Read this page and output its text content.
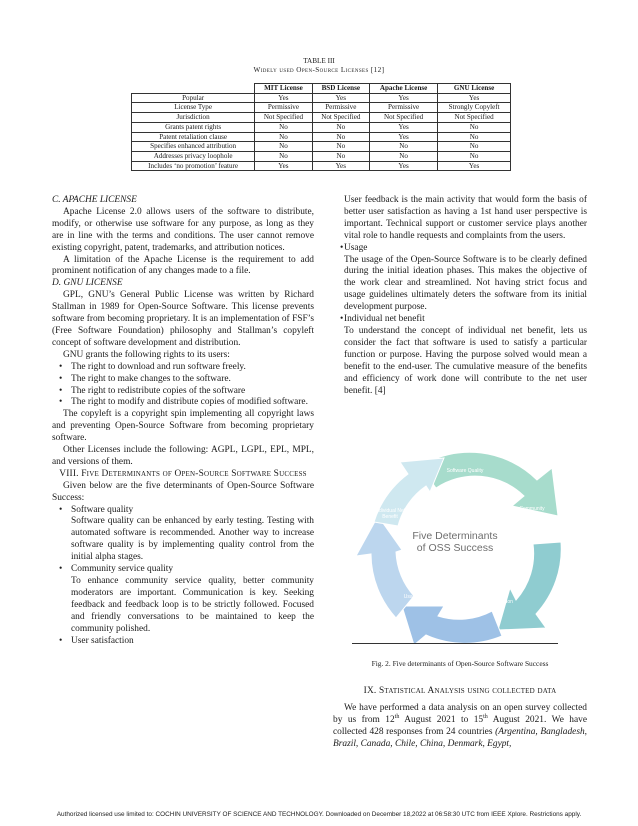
TABLE III
Widely used Open-Source Licenses [12]
	MIT License	BSD License	Apache License	GNU License
Popular	Yes	Yes	Yes	Yes
License Type	Permissive	Permissive	Permissive	Strongly Copyleft
Jurisdiction	Not Specified	Not Specified	Not Specified	Not Specified
Grants patent rights	No	No	Yes	No
Patent retaliation clause	No	No	Yes	No
Specifies enhanced attribution	No	No	No	No
Addresses privacy loophole	No	No	No	No
Includes ‘no promotion’ feature	Yes	Yes	Yes	Yes

C. APACHE LICENSE

Apache License 2.0 allows users of the software to distribute, modify, or otherwise use software for any purpose, as long as they are in line with the terms and conditions. The user cannot remove existing copyright, patent, trademarks, and attribution notices.

A limitation of the Apache License is the requirement to add prominent notification of any changes made to a file.

D. GNU LICENSE

GPL, GNU’s General Public License was written by Richard Stallman in 1989 for Open-Source Software. This license prevents software from becoming proprietary. It is an implementation of FSF’s (Free Software Foundation) philosophy and Stallman’s copyleft concept of software development and distribution.

GNU grants the following rights to its users:

• The right to download and run software freely.
• The right to make changes to the software.
• The right to redistribute copies of the software
• The right to modify and distribute copies of modified software.

The copyleft is a copyright spin implementing all copyright laws and preventing Open-Source Software from becoming proprietary software.

Other Licenses include the following: AGPL, LGPL, EPL, MPL, and versions of them.

VIII. Five Determinants of Open-Source Software Success

Given below are the five determinants of Open-Source Software Success:

• Software quality

Software quality can be enhanced by early testing. Testing with automated software is recommended. Another way to increase software quality is by implementing quality control from the initial alpha stages.

• Community service quality

To enhance community service quality, better community moderators are important. Communication is key. Seeking feedback and feedback loop is to be strictly followed. Focused and friendly conversations to be maintained to keep the community polished.

• User satisfaction

User feedback is the main activity that would form the basis of better user satisfaction as having a 1st hand user perspective is important. Technical support or customer service plays another vital role to handle requests and complaints from the users.

• Usage

The usage of the Open-Source Software is to be clearly defined during the initial ideation phases. This makes the objective of the work clear and streamlined. Not having strict focus and usage guidelines ultimately deters the software from its initial development purpose.

• Individual net benefit

To understand the concept of individual net benefit, lets us consider the fact that software is used to satisfy a particular function or purpose. Having the purpose solved would mean a benefit to the end-user. The cumulative measure of the benefits and efficiency of work done will contribute to the net user benefit. [4]

Software Quality
Community
Service
Quality
User
Satisfaction
Usage
Individual Net
Benefit
Five Determinants
of OSS Success
Fig. 2. Five determinants of Open-Source Software Success

IX. Statistical Analysis using collected data

We have performed a data analysis on an open survey collected by us from 12th August 2021 to 15th August 2021. We have collected 428 responses from 24 countries (Argentina, Bangladesh, Brazil, Canada, Chile, China, Denmark, Egypt,

Authorized licensed use limited to: COCHIN UNIVERSITY OF SCIENCE AND TECHNOLOGY. Downloaded on December 18,2022 at 06:58:30 UTC from IEEE Xplore. Restrictions apply.
